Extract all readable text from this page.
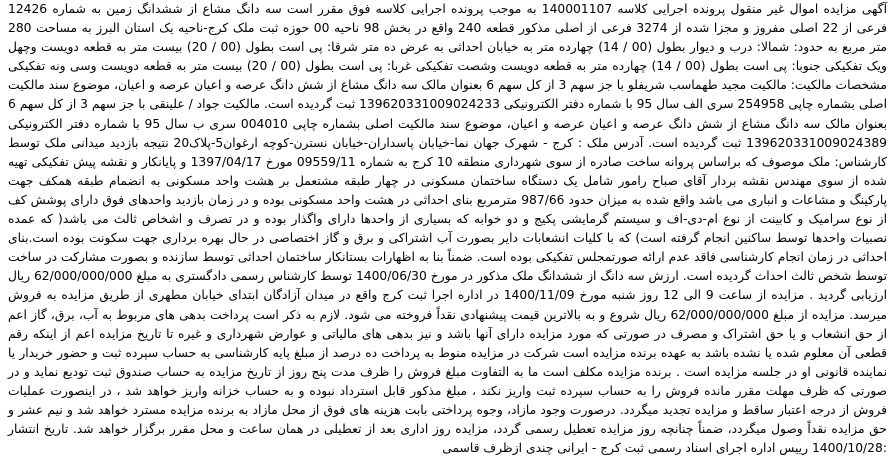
آگهی مزایده اموال غیر منقول پرونده اجرایی کلاسه 140001107 به موجب پرونده اجرایی کلاسه فوق مقرر است سه دانگ مشاع از ششدانگ زمین به شماره 12426 فرعی از 22 اصلی مفروز و مجزا شده از 3274 فرعی از اصلی مذکور قطعه 240 واقع در بخش 98 ناحیه 00 حوزه ثبت ملک کرج-ناحیه یک استان البرز به مساحت 280 متر مربع به حدود: شمالا: درب و دیوار بطول (00 / 14) چهارده متر به خیابان احداثی به عرض ده متر شرقا: پی است بطول (00 / 20) بیست متر به قطعه دویست وچهل ویک تفکیکی جنوبا: پی است بطول (00 / 14) چهارده متر به قطعه دویست وشصت تفکیکی غربا: پی است بطول (00 / 20) بیست متر به قطعه دویست وسی ونه تفکیکی مشخصات مالکیت: مالکیت مجید طهماسب شریفلو با جز سهم 3 از کل سهم 6 بعنوان مالک سه دانگ مشاع از شش دانگ عرصه و اعیان عرصه و اعیان، موضوع سند مالکیت اصلی بشماره چاپی 254958 سری الف سال 95 با شماره دفتر الکترونیکی 139620331009024233 ثبت گردیده است. مالکیت جواد / علینقی با جز سهم 3 از کل سهم 6 بعنوان مالک سه دانگ مشاع از شش دانگ عرصه و اعیان عرصه و اعیان، موضوع سند مالکیت اصلی بشماره چاپی 004010 سری ب سال 95 با شماره دفتر الکترونیکی 139620331009024389 ثبت گردیده است. آدرس ملک : کرج - شهرک جهان نما-خیابان پاسداران-خیابان نسترن-کوچه ارغوان5-پلاک20 نتیجه بازدید میدانی ملک توسط کارشناس: ملک موصوف که براساس پروانه ساخت صادره از سوی شهرداری منطقه 10 کرج به شماره 09559/11 مورخ 1397/04/17 و پایانکار و نقشه پیش تفکیکی تهیه شده از سوی مهندس نقشه بردار آقای صباح رامور شامل یک دستگاه ساختمان مسکونی در چهار طبقه مشتعمل بر هشت واحد مسکونی به انضمام طبقه همکف جهت پارکینگ و مشاعات و انباری می باشد واقع شده به میزان حدود 987/66 مترمربع بنای احداثی در هشت واحد مسکونی بوده و در زمان بازدید واحدهای فوق دارای پوشش کف از نوع سرامیک و کابینت از نوع ام-دی-اف و سیستم گرمایشی پکیج و دو خوابه که بسیاری از واحدها دارای واگذار بوده و در تصرف و اشخاص ثالث می باشد( که عمده نصبیات واحدها توسط ساکنین انجام گرفته است) که با کلیات انشعابات دایر بصورت آب اشتراکی و برق و گاز اختصاصی در حال بهره برداری جهت سکونت بوده است.بنای احداثی در زمان انجام کارشناسی فاقد عدم ارائه صورتمجلس تفکیکی بوده است. ضمناً بنا به اظهارات بستانکار ساختمان احداثی توسط سازنده و بصورت مشارکت در ساخت توسط شخص ثالث احداث گردیده است. ارزش سه دانگ از ششدانگ ملک مذکور در مورخ 1400/06/30 توسط کارشناس رسمی دادگستری به مبلغ 62/000/000/000 ریال ارزیابی گردید . مزایده از ساعت 9 الی 12 روز شنبه مورخ 1400/11/09 در اداره اجرا ثبت کرج واقع در میدان آزادگان ابتدای خیابان مطهری از طریق مزایده به فروش میرسد. مزایده از مبلغ 62/000/000/000 ریال شروع و به بالاترین قیمت پیشنهادی نقداً فروخته می شود. لازم به ذکر است پرداخت بدهی های مربوط به آب، برق، گاز اعم از حق انشعاب و یا حق اشتراک و مصرف در صورتی که مورد مزایده دارای آنها باشد و نیز بدهی های مالیاتی و عوارض شهرداری و غیره تا تاریخ مزایده اعم از اینکه رقم قطعی آن معلوم شده یا نشده باشد به عهده برنده مزایده است شرکت در مزایده منوط به پرداخت ده درصد از مبلغ پایه کارشناسی به حساب سپرده ثبت و حضور خریدار یا نماینده قانونی او در جلسه مزایده است . برنده مزایده مکلف است ما به التفاوت مبلغ فروش را ظرف مدت پنج روز از تاریخ مزایده به حساب صندوق ثبت تودیع نماید و در صورتی که ظرف مهلت مقرر مانده فروش را به حساب سپرده ثبت واریز نکند ، مبلغ مذکور قابل استرداد نبوده و به حساب خزانه واریز خواهد شد ، در اینصورت عملیات فروش از درجه اعتبار ساقط و مزایده تجدید میگردد. درصورت وجود مازاد، وجوه پرداختی بابت هزینه های فوق از محل مازاد به برنده مزایده مسترد خواهد شد و نیم عشر و حق مزایده نقداً وصول میگردد، ضمناً چنانچه روز مزایده تعطیل رسمی گردد، مزایده روز اداری بعد از تعطیلی در همان ساعت و محل مقرر برگزار خواهد شد. تاریخ انتشار :1400/10/28 رییس اداره اجرای اسناد رسمی ثبت کرج - ایرانی چندی ازظرف قاسمی
